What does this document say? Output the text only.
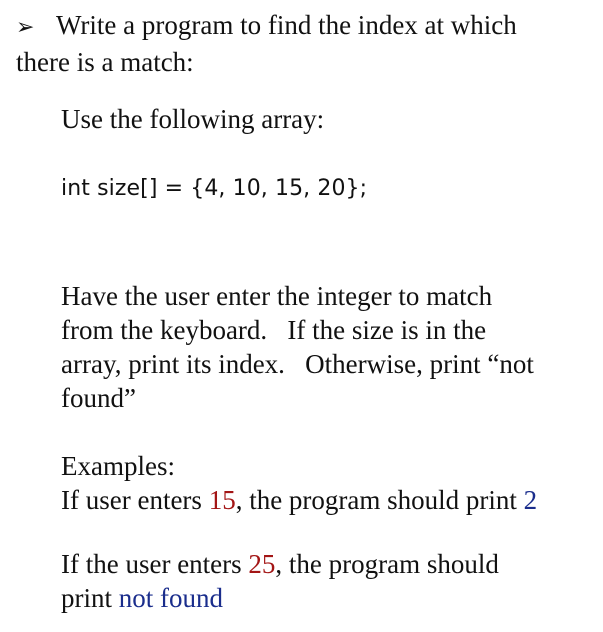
➢ Write a program to find the index at which
there is a match:

Use the following array:

int size[] = {4, 10, 15, 20};

Have the user enter the integer to match
from the keyboard.   If the size is in the
array, print its index.   Otherwise, print “not
found”
Examples:
If user enters 15, the program should print 2
If the user enters 25, the program should
print not found
